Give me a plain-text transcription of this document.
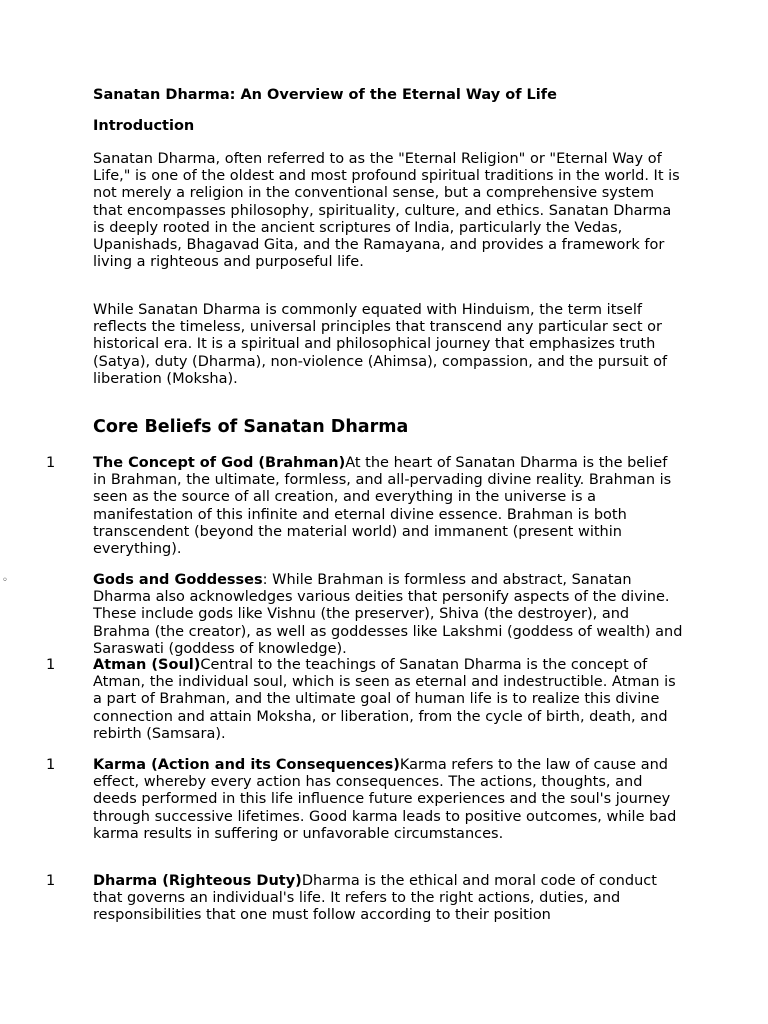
Sanatan Dharma: An Overview of the Eternal Way of Life

Introduction

Sanatan Dharma, often referred to as the "Eternal Religion" or "Eternal Way of Life," is one of the oldest and most profound spiritual traditions in the world. It is not merely a religion in the conventional sense, but a comprehensive system that encompasses philosophy, spirituality, culture, and ethics. Sanatan Dharma is deeply rooted in the ancient scriptures of India, particularly the Vedas, Upanishads, Bhagavad Gita, and the Ramayana, and provides a framework for living a righteous and purposeful life.

While Sanatan Dharma is commonly equated with Hinduism, the term itself reflects the timeless, universal principles that transcend any particular sect or historical era. It is a spiritual and philosophical journey that emphasizes truth (Satya), duty (Dharma), non-violence (Ahimsa), compassion, and the pursuit of liberation (Moksha).

Core Beliefs of Sanatan Dharma
1	The Concept of God (Brahman)At the heart of Sanatan Dharma is the belief in Brahman, the ultimate, formless, and all-pervading divine reality. Brahman is seen as the source of all creation, and everything in the universe is a manifestation of this infinite and eternal divine essence. Brahman is both transcendent (beyond the material world) and immanent (present within everything).

◦	Gods and Goddesses: While Brahman is formless and abstract, Sanatan Dharma also acknowledges various deities that personify aspects of the divine. These include gods like Vishnu (the preserver), Shiva (the destroyer), and Brahma (the creator), as well as goddesses like Lakshmi (goddess of wealth) and Saraswati (goddess of knowledge).

1	Atman (Soul)Central to the teachings of Sanatan Dharma is the concept of Atman, the individual soul, which is seen as eternal and indestructible. Atman is a part of Brahman, and the ultimate goal of human life is to realize this divine connection and attain Moksha, or liberation, from the cycle of birth, death, and rebirth (Samsara).

1	Karma (Action and its Consequences)Karma refers to the law of cause and effect, whereby every action has consequences. The actions, thoughts, and deeds performed in this life influence future experiences and the soul's journey through successive lifetimes. Good karma leads to positive outcomes, while bad karma results in suffering or unfavorable circumstances.

1	Dharma (Righteous Duty)Dharma is the ethical and moral code of conduct that governs an individual's life. It refers to the right actions, duties, and responsibilities that one must follow according to their position
